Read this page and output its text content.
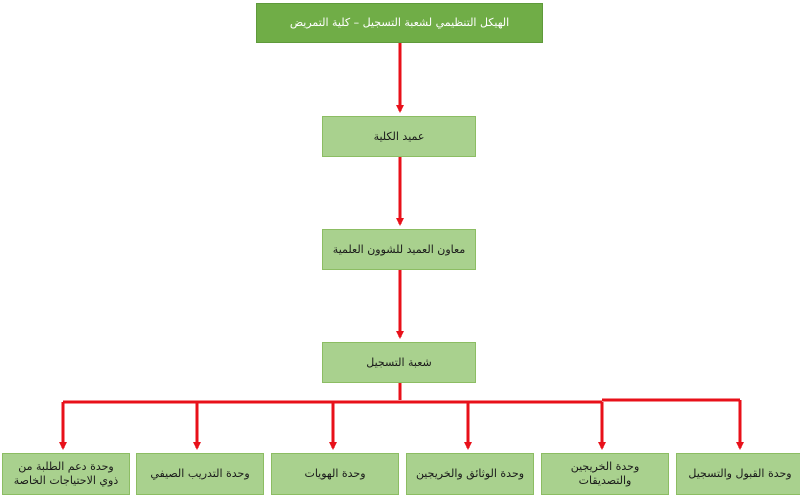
الهيكل التنظيمي لشعبة التسجيل – كلية التمريض
عميد الكلية
معاون العميد للشوون العلمية
شعبة التسجيل
وحدة القبول والتسجيل
وحدة الخريجين والتصديقات
وحدة الوثائق والخريجين
وحدة الهويات
وحدة التدريب الصيفي
وحدة دعم الطلبة من ذوي الاحتياجات الخاصة
